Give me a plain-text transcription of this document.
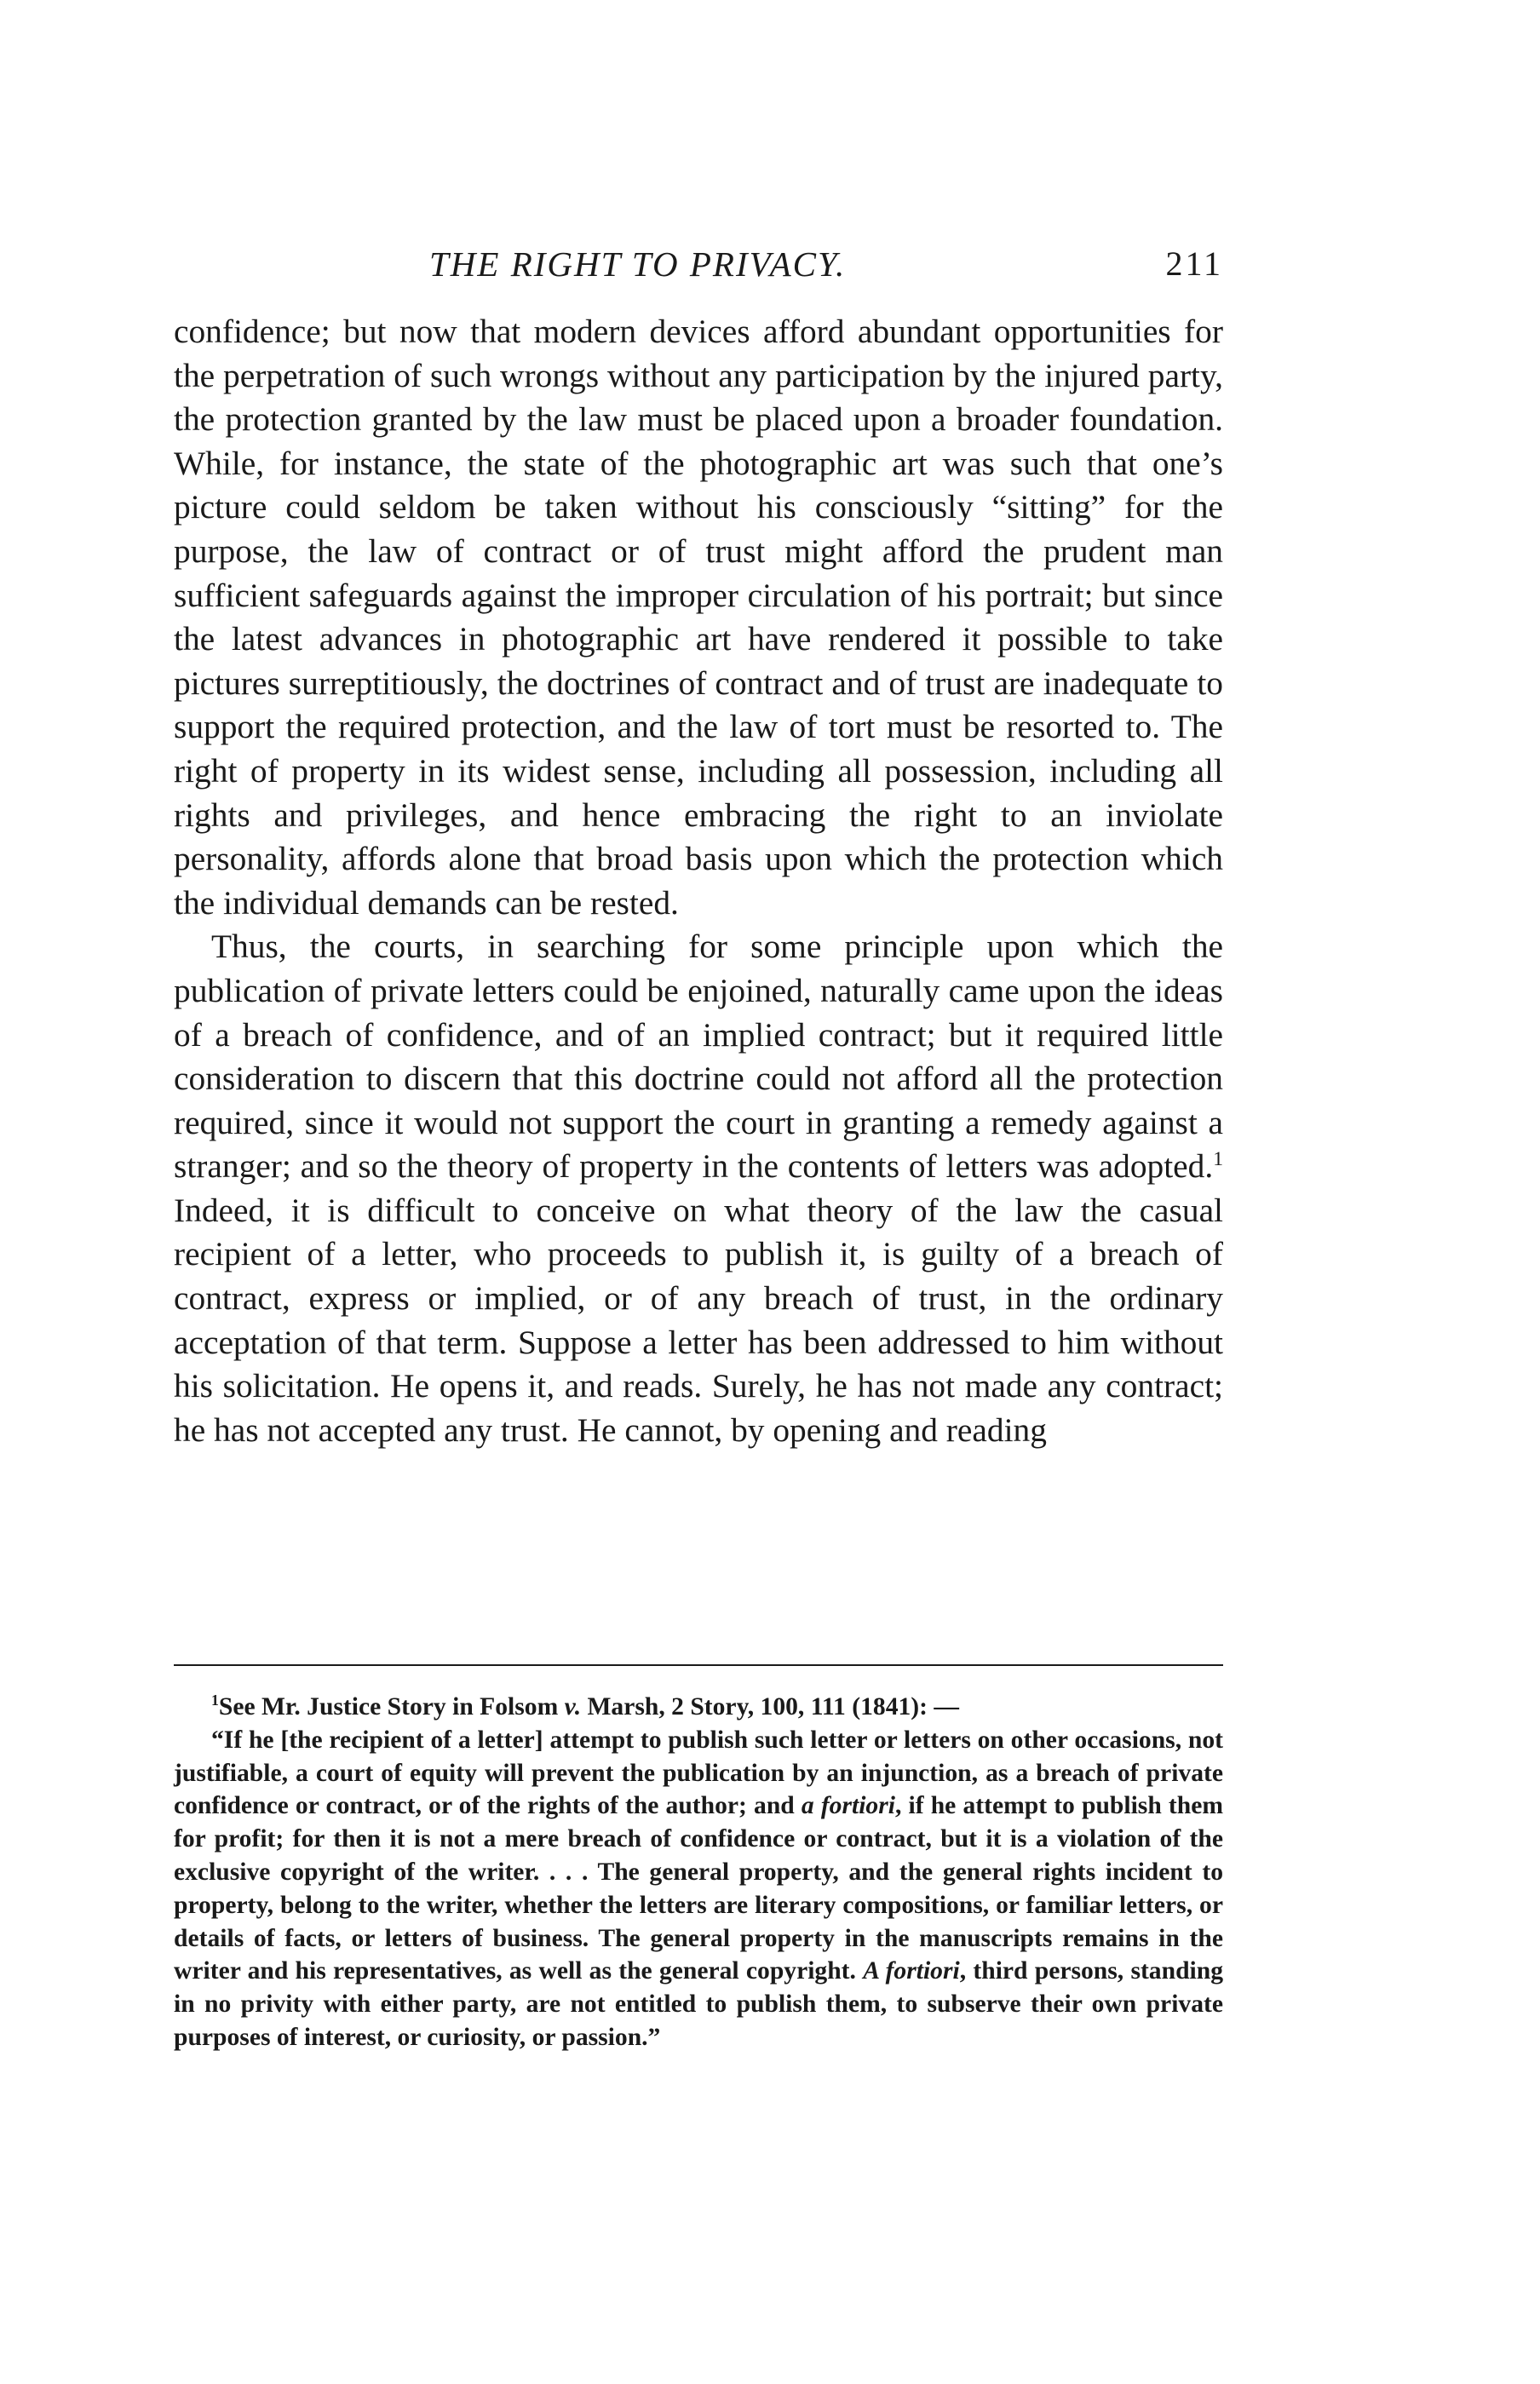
THE RIGHT TO PRIVACY.	211

confidence; but now that modern devices afford abundant opportunities for the perpetration of such wrongs without any participation by the injured party, the protection granted by the law must be placed upon a broader foundation. While, for instance, the state of the photographic art was such that one’s picture could seldom be taken without his consciously “sitting” for the purpose, the law of contract or of trust might afford the prudent man sufficient safeguards against the improper circulation of his portrait; but since the latest advances in photographic art have rendered it possible to take pictures surreptitiously, the doctrines of contract and of trust are inadequate to support the required protection, and the law of tort must be resorted to. The right of property in its widest sense, including all possession, including all rights and privileges, and hence embracing the right to an inviolate personality, affords alone that broad basis upon which the protection which the individual demands can be rested.

Thus, the courts, in searching for some principle upon which the publication of private letters could be enjoined, naturally came upon the ideas of a breach of confidence, and of an implied contract; but it required little consideration to discern that this doctrine could not afford all the protection required, since it would not support the court in granting a remedy against a stranger; and so the theory of property in the contents of letters was adopted.$^1$ Indeed, it is difficult to conceive on what theory of the law the casual recipient of a letter, who proceeds to publish it, is guilty of a breach of contract, express or implied, or of any breach of trust, in the ordinary acceptation of that term. Suppose a letter has been addressed to him without his solicitation. He opens it, and reads. Surely, he has not made any contract; he has not accepted any trust. He cannot, by opening and reading

$^1$See Mr. Justice Story in Folsom v. Marsh, 2 Story, 100, 111 (1841): —

“If he [the recipient of a letter] attempt to publish such letter or letters on other occasions, not justifiable, a court of equity will prevent the publication by an injunction, as a breach of private confidence or contract, or of the rights of the author; and a fortiori, if he attempt to publish them for profit; for then it is not a mere breach of confidence or contract, but it is a violation of the exclusive copyright of the writer. . . . The general property, and the general rights incident to property, belong to the writer, whether the letters are literary compositions, or familiar letters, or details of facts, or letters of business. The general property in the manuscripts remains in the writer and his representatives, as well as the general copyright. A fortiori, third persons, standing in no privity with either party, are not entitled to publish them, to subserve their own private purposes of interest, or curiosity, or passion.”
